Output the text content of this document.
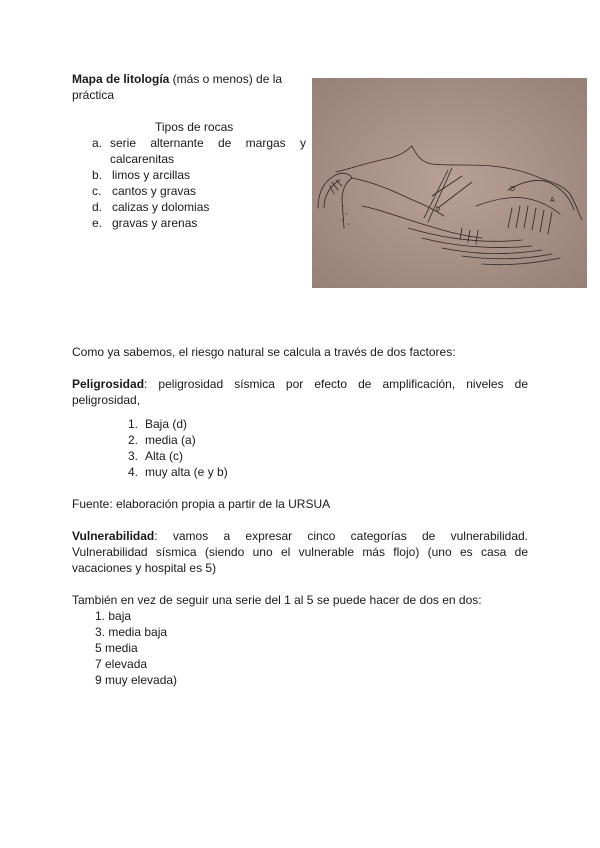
Mapa de litología (más o menos) de la
práctica
Tipos de rocas
a. serie alternante de margas y
calcarenitas
b. limos y arcillas
c. cantos y gravas
d. calizas y dolomias
e. gravas y arenas
b
D
A
Como ya sabemos, el riesgo natural se calcula a través de dos factores:
Peligrosidad: peligrosidad sísmica por efecto de amplificación, niveles de
peligrosidad,
1. Baja (d)
2. media (a)
3. Alta (c)
4. muy alta (e y b)
Fuente: elaboración propia a partir de la URSUA
Vulnerabilidad: vamos a expresar cinco categorías de vulnerabilidad.
Vulnerabilidad sísmica (siendo uno el vulnerable más flojo) (uno es casa de
vacaciones y hospital es 5)
También en vez de seguir una serie del 1 al 5 se puede hacer de dos en dos:
1. baja
3. media baja
5 media
7 elevada
9 muy elevada)
